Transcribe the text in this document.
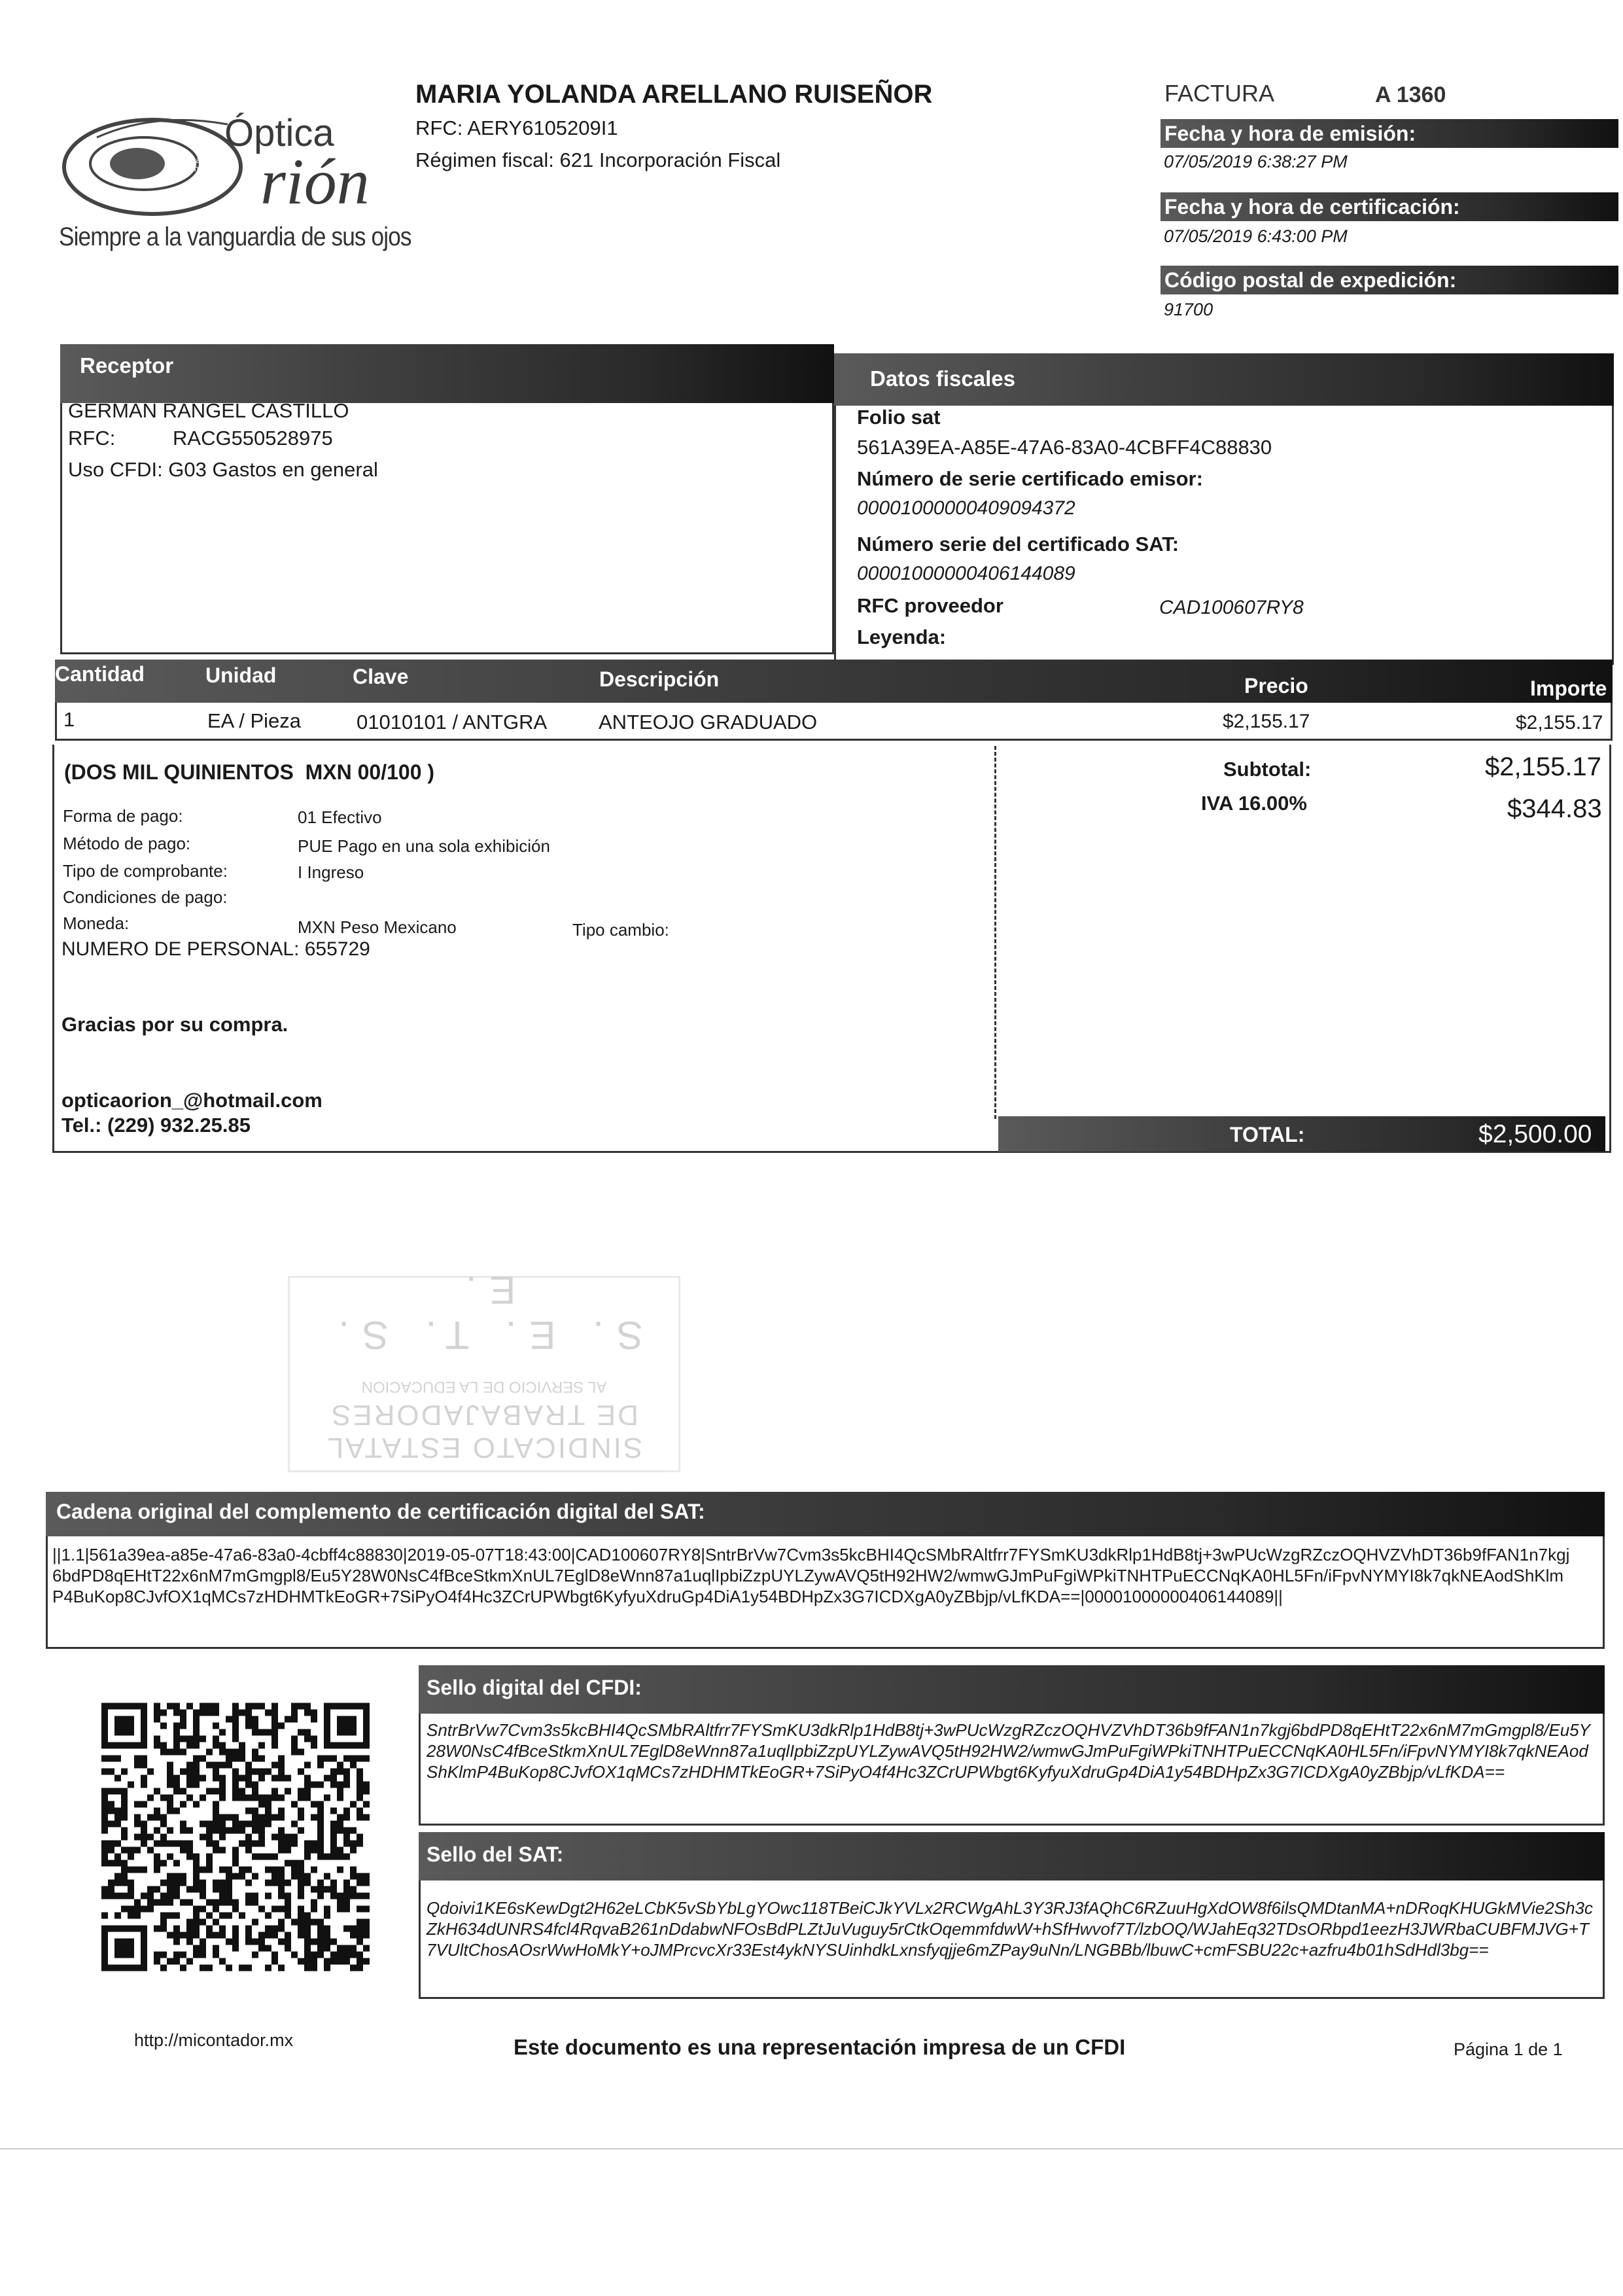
Óptica Orión
Óptica
rión
Siempre a la vanguardia de sus ojos
MARIA YOLANDA ARELLANO RUISEÑOR
RFC: AERY6105209I1
Régimen fiscal: 621 Incorporación Fiscal
FACTURA	A 1360
Fecha y hora de emisión:
07/05/2019 6:38:27 PM
Fecha y hora de certificación:
07/05/2019 6:43:00 PM
Código postal de expedición:
91700
Receptor
GERMAN RANGEL CASTILLO
RFC:	RACG550528975
Uso CFDI: G03 Gastos en general
Datos fiscales
Folio sat
561A39EA-A85E-47A6-83A0-4CBFF4C88830
Número de serie certificado emisor:
00001000000409094372
Número serie del certificado SAT:
00001000000406144089
RFC proveedor	CAD100607RY8
Leyenda:
Cantidad	Unidad	Clave	Descripción	Precio	Importe
1	EA / Pieza	01010101 / ANTGRA	ANTEOJO GRADUADO	$2,155.17	$2,155.17
(DOS MIL QUINIENTOS  MXN 00/100 )
Forma de pago:	01 Efectivo
Método de pago:	PUE Pago en una sola exhibición
Tipo de comprobante:	I Ingreso
Condiciones de pago:
Moneda:	MXN Peso Mexicano	Tipo cambio:
NUMERO DE PERSONAL: 655729
Gracias por su compra.
opticaorion_@hotmail.com
Tel.: (229) 932.25.85
Subtotal:	$2,155.17
IVA 16.00%	$344.83
TOTAL:	$2,500.00
SINDICATO ESTATAL
DE TRABAJADORES
AL SERVICIO DE LA EDUCACION
S. E. T. S. E.
Cadena original del complemento de certificación digital del SAT:
||1.1|561a39ea-a85e-47a6-83a0-4cbff4c88830|2019-05-07T18:43:00|CAD100607RY8|SntrBrVw7Cvm3s5kcBHI4QcSMbRAltfrr7FYSmKU3dkRlp1HdB8tj+3wPUcWzgRZczOQHVZVhDT36b9fFAN1n7kgj6bdPD8qEHtT22x6nM7mGmgpl8/Eu5Y28W0NsC4fBceStkmXnUL7EglD8eWnn87a1uqlIpbiZzpUYLZywAVQ5tH92HW2/wmwGJmPuFgiWPkiTNHTPuECCNqKA0HL5Fn/iFpvNYMYI8k7qkNEAodShKlmP4BuKop8CJvfOX1qMCs7zHDHMTkEoGR+7SiPyO4f4Hc3ZCrUPWbgt6KyfyuXdruGp4DiA1y54BDHpZx3G7ICDXgA0yZBbjp/vLfKDA==|00001000000406144089||
Sello digital del CFDI:
SntrBrVw7Cvm3s5kcBHI4QcSMbRAltfrr7FYSmKU3dkRlp1HdB8tj+3wPUcWzgRZczOQHVZVhDT36b9fFAN1n7kgj6bdPD8qEHtT22x6nM7mGmgpl8/Eu5Y28W0NsC4fBceStkmXnUL7EglD8eWnn87a1uqlIpbiZzpUYLZywAVQ5tH92HW2/wmwGJmPuFgiWPkiTNHTPuECCNqKA0HL5Fn/iFpvNYMYI8k7qkNEAodShKlmP4BuKop8CJvfOX1qMCs7zHDHMTkEoGR+7SiPyO4f4Hc3ZCrUPWbgt6KyfyuXdruGp4DiA1y54BDHpZx3G7ICDXgA0yZBbjp/vLfKDA==
Sello del SAT:
Qdoivi1KE6sKewDgt2H62eLCbK5vSbYbLgYOwc118TBeiCJkYVLx2RCWgAhL3Y3RJ3fAQhC6RZuuHgXdOW8f6ilsQMDtanMA+nDRoqKHUGkMVie2Sh3cZkH634dUNRS4fcl4RqvaB261nDdabwNFOsBdPLZtJuVuguy5rCtkOqemmfdwW+hSfHwvof7T/lzbOQ/WJahEq32TDsORbpd1eezH3JWRbaCUBFMJVG+T7VUltChosAOsrWwHoMkY+oJMPrcvcXr33Est4ykNYSUinhdkLxnsfyqjje6mZPay9uNn/LNGBBb/lbuwC+cmFSBU22c+azfru4b01hSdHdl3bg==
http://micontador.mx	Este documento es una representación impresa de un CFDI	Página 1 de 1
